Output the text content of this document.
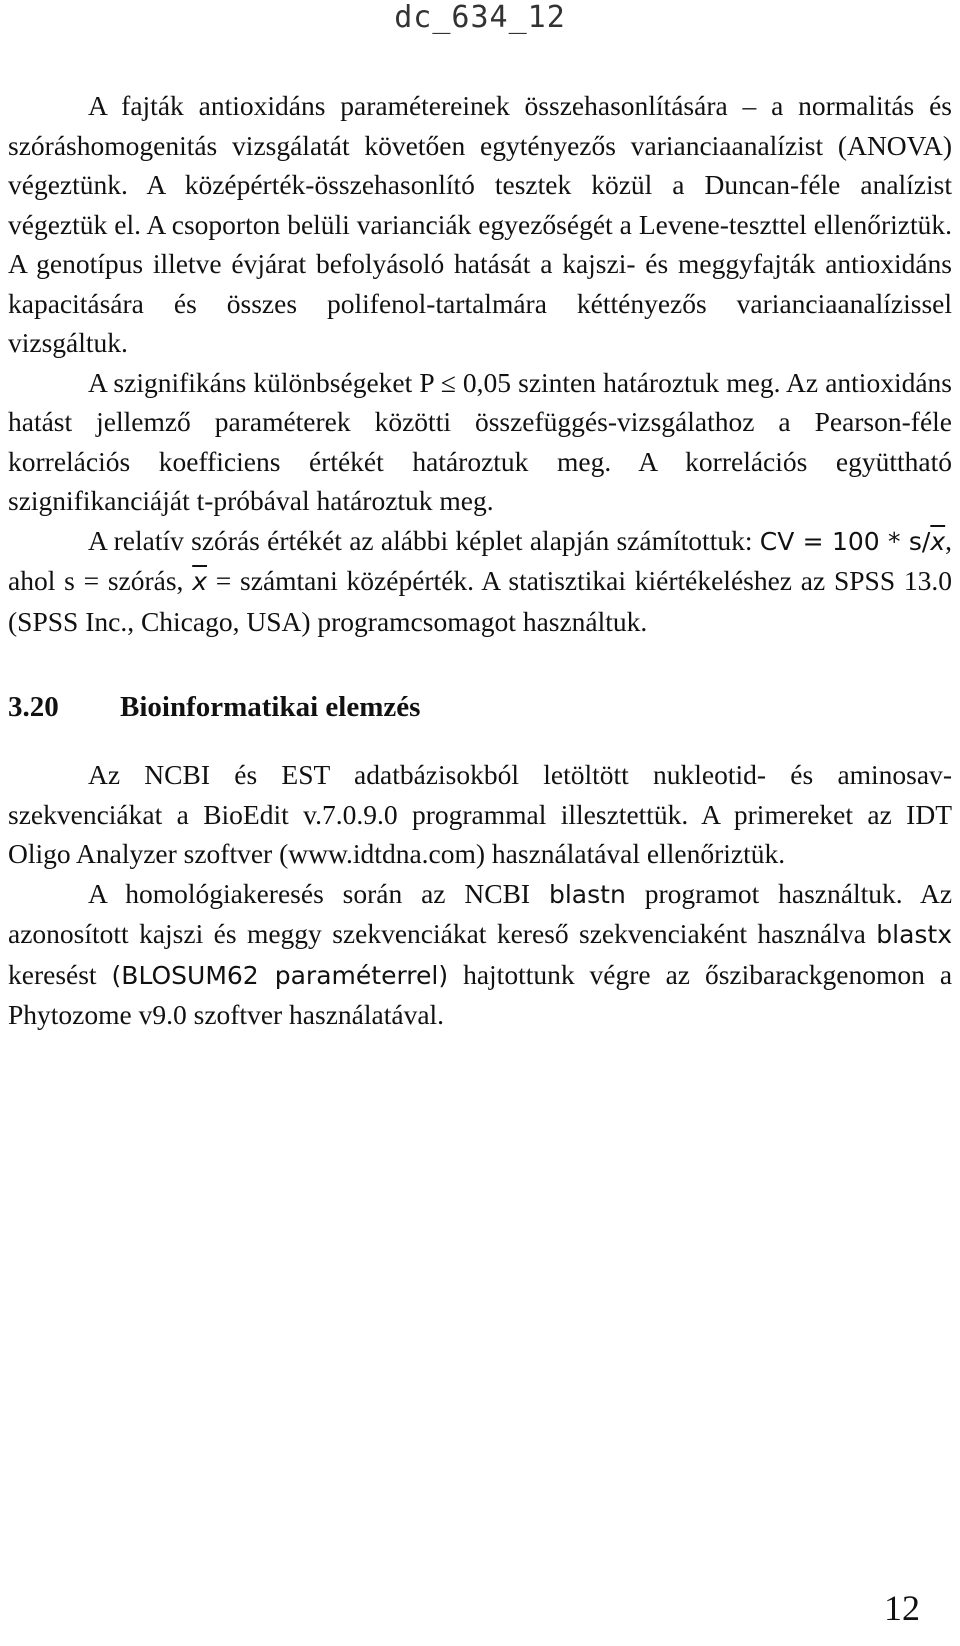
dc_634_12

A fajták antioxidáns paramétereinek összehasonlítására – a normalitás és szóráshomogenitás vizsgálatát követően egytényezős varianciaanalízist (ANOVA) végeztünk. A középérték-összehasonlító tesztek közül a Duncan-féle analízist végeztük el. A csoporton belüli varianciák egyezőségét a Levene-teszttel ellenőriztük. A genotípus illetve évjárat befolyásoló hatását a kajszi- és meggyfajták antioxidáns kapacitására és összes polifenol-tartalmára kéttényezős varianciaanalízissel vizsgáltuk.

A szignifikáns különbségeket P ≤ 0,05 szinten határoztuk meg. Az antioxidáns hatást jellemző paraméterek közötti összefüggés-vizsgálathoz a Pearson-féle korrelációs koefficiens értékét határoztuk meg. A korrelációs együttható szignifikanciáját t-próbával határoztuk meg.

A relatív szórás értékét az alábbi képlet alapján számítottuk: CV = $100 * s/\overline{x}$, ahol s = szórás, $\overline{x}$ = számtani középérték. A statisztikai kiértékeléshez az SPSS 13.0 (SPSS Inc., Chicago, USA) programcsomagot használtuk.

3.20 Bioinformatikai elemzés

Az NCBI és EST adatbázisokból letöltött nukleotid- és aminosav-szekvenciákat a BioEdit v.7.0.9.0 programmal illesztettük. A primereket az IDT Oligo Analyzer szoftver (www.idtdna.com) használatával ellenőriztük.

A homológiakeresés során az NCBI blastn programot használtuk. Az azonosított kajszi és meggy szekvenciákat kereső szekvenciaként használva blastx keresést (BLOSUM62 paraméterrel) hajtottunk végre az őszibarackgenomon a Phytozome v9.0 szoftver használatával.

12
